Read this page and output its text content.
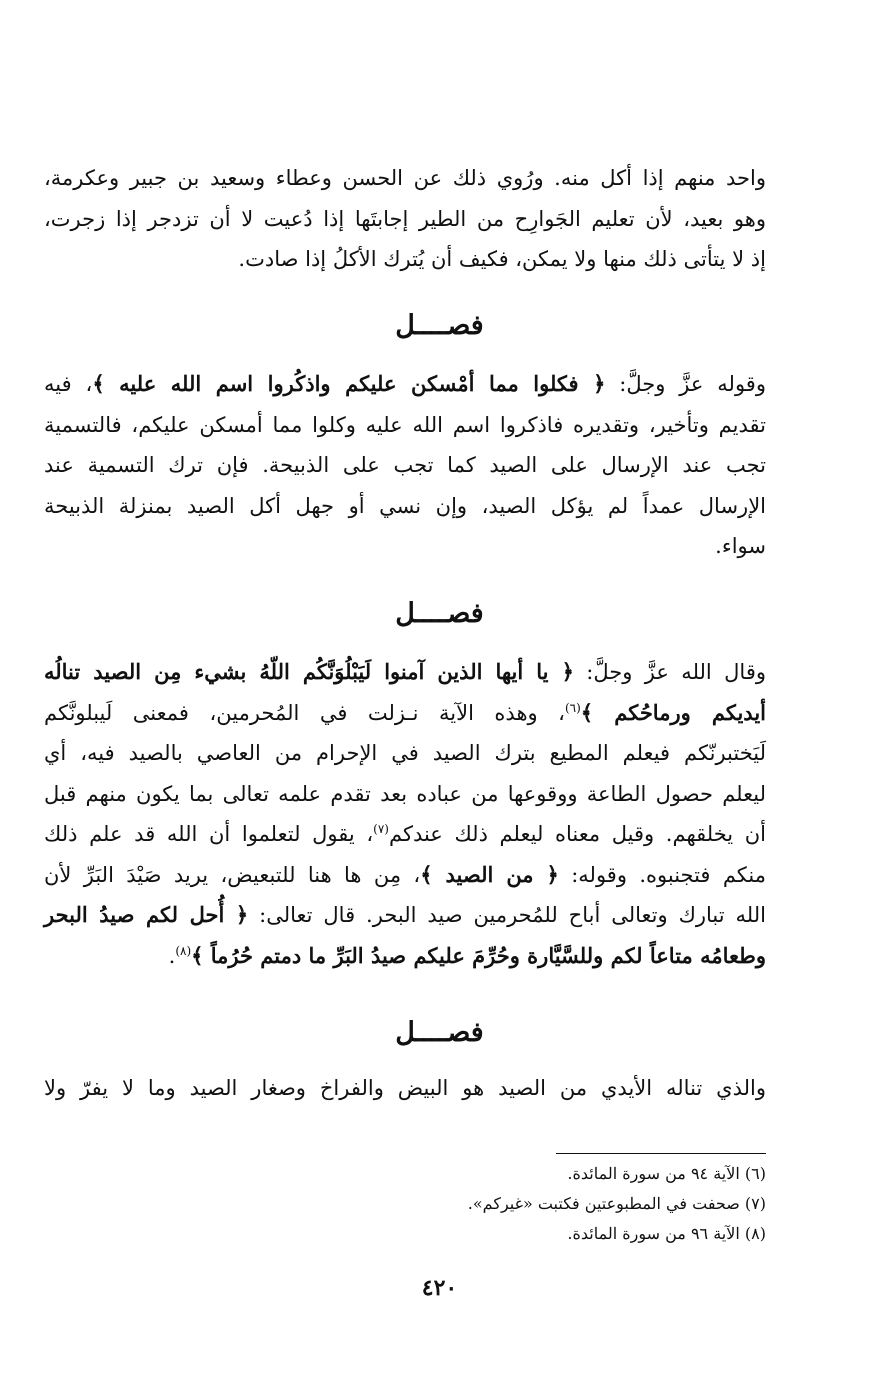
واحد منهم إذا أكل منه. ورُوي ذلك عن الحسن وعطاء وسعيد بن جبير وعكرمة،
وهو بعيد، لأن تعليم الجَوارِح من الطير إجابتَها إذا دُعيت لا أن تزدجر إذا زجرت،
إذ لا يتأتى ذلك منها ولا يمكن، فكيف أن يُترك الأكلُ إذا صادت.
فصــــل
وقوله عزَّ وجلَّ: ﴿ فكلوا مما أمْسكن عليكم واذكُروا اسم الله عليه ﴾، فيه
تقديم وتأخير، وتقديره فاذكروا اسم الله عليه وكلوا مما أمسكن عليكم، فالتسمية
تجب عند الإرسال على الصيد كما تجب على الذبيحة. فإن ترك التسمية عند
الإرسال عمداً لم يؤكل الصيد، وإن نسي أو جهل أكل الصيد بمنزلة الذبيحة
سواء.
فصــــل
وقال الله عزَّ وجلَّ: ﴿ يا أيها الذين آمنوا لَيَبْلُوَنَّكُم اللّهُ بشيء مِن الصيد تنالُه
أيديكم ورماحُكم ﴾$^{(٦)}$، وهذه الآية نـزلت في المُحرمين، فمعنى لَيبلونَّكم
لَيَختبرنّكم فيعلم المطيع بترك الصيد في الإحرام من العاصي بالصيد فيه، أي
ليعلم حصول الطاعة ووقوعها من عباده بعد تقدم علمه تعالى بما يكون منهم قبل
أن يخلقهم. وقيل معناه ليعلم ذلك عندكم$^{(٧)}$، يقول لتعلموا أن الله قد علم ذلك
منكم فتجنبوه. وقوله: ﴿ من الصيد ﴾، مِن ها هنا للتبعيض، يريد صَيْدَ البَرِّ لأن
الله تبارك وتعالى أباح للمُحرمين صيد البحر. قال تعالى: ﴿ أُحل لكم صيدُ البحر
وطعامُه متاعاً لكم وللسَّيَّارة وحُرِّمَ عليكم صيدُ البَرِّ ما دمتم حُرُماً ﴾$^{(٨)}$.
فصــــل
والذي تناله الأيدي من الصيد هو البيض والفراخ وصغار الصيد وما لا يفرّ ولا
(٦) الآية ٩٤ من سورة المائدة.
(٧) صحفت في المطبوعتين فكتبت «غيركم».
(٨) الآية ٩٦ من سورة المائدة.
٤٢٠
